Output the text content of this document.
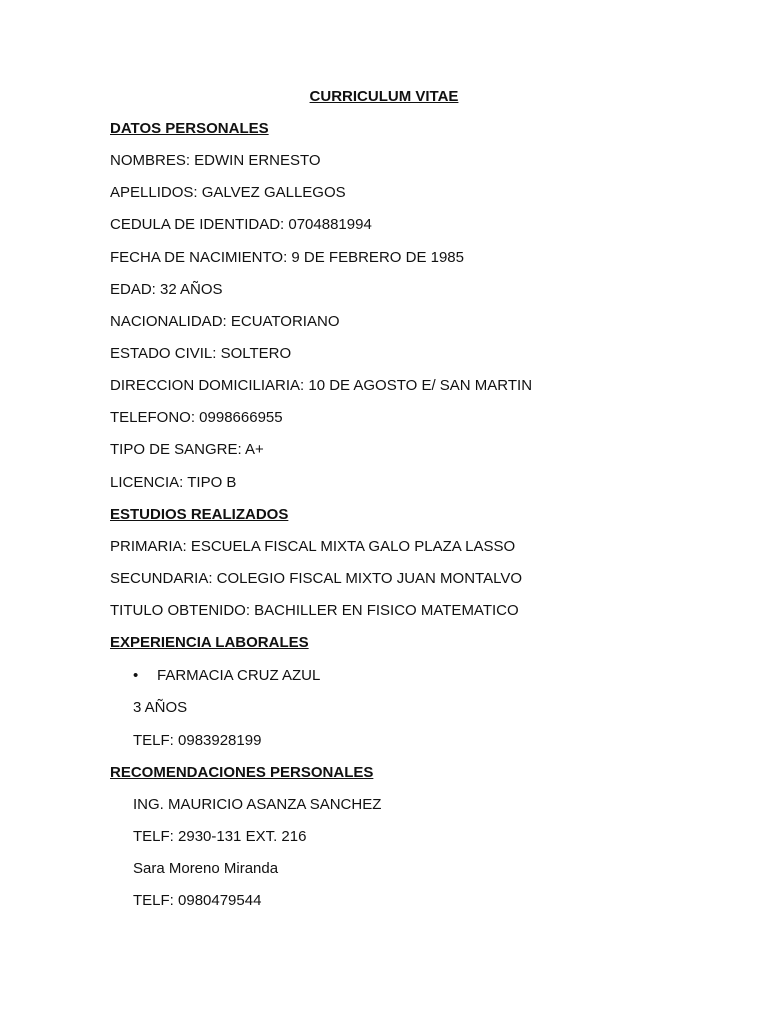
CURRICULUM VITAE
DATOS PERSONALES
NOMBRES: EDWIN ERNESTO
APELLIDOS: GALVEZ GALLEGOS
CEDULA DE IDENTIDAD: 0704881994
FECHA DE NACIMIENTO: 9 DE FEBRERO DE 1985
EDAD: 32 AÑOS
NACIONALIDAD: ECUATORIANO
ESTADO CIVIL: SOLTERO
DIRECCION DOMICILIARIA: 10 DE AGOSTO E/ SAN MARTIN
TELEFONO: 0998666955
TIPO DE SANGRE: A+
LICENCIA: TIPO B
ESTUDIOS REALIZADOS
PRIMARIA: ESCUELA FISCAL MIXTA GALO PLAZA LASSO
SECUNDARIA: COLEGIO FISCAL MIXTO JUAN MONTALVO
TITULO OBTENIDO: BACHILLER EN FISICO MATEMATICO
EXPERIENCIA LABORALES
• FARMACIA CRUZ AZUL
3 AÑOS
TELF: 0983928199
RECOMENDACIONES PERSONALES
ING. MAURICIO ASANZA SANCHEZ
TELF: 2930-131 EXT. 216
Sara Moreno Miranda
TELF: 0980479544
